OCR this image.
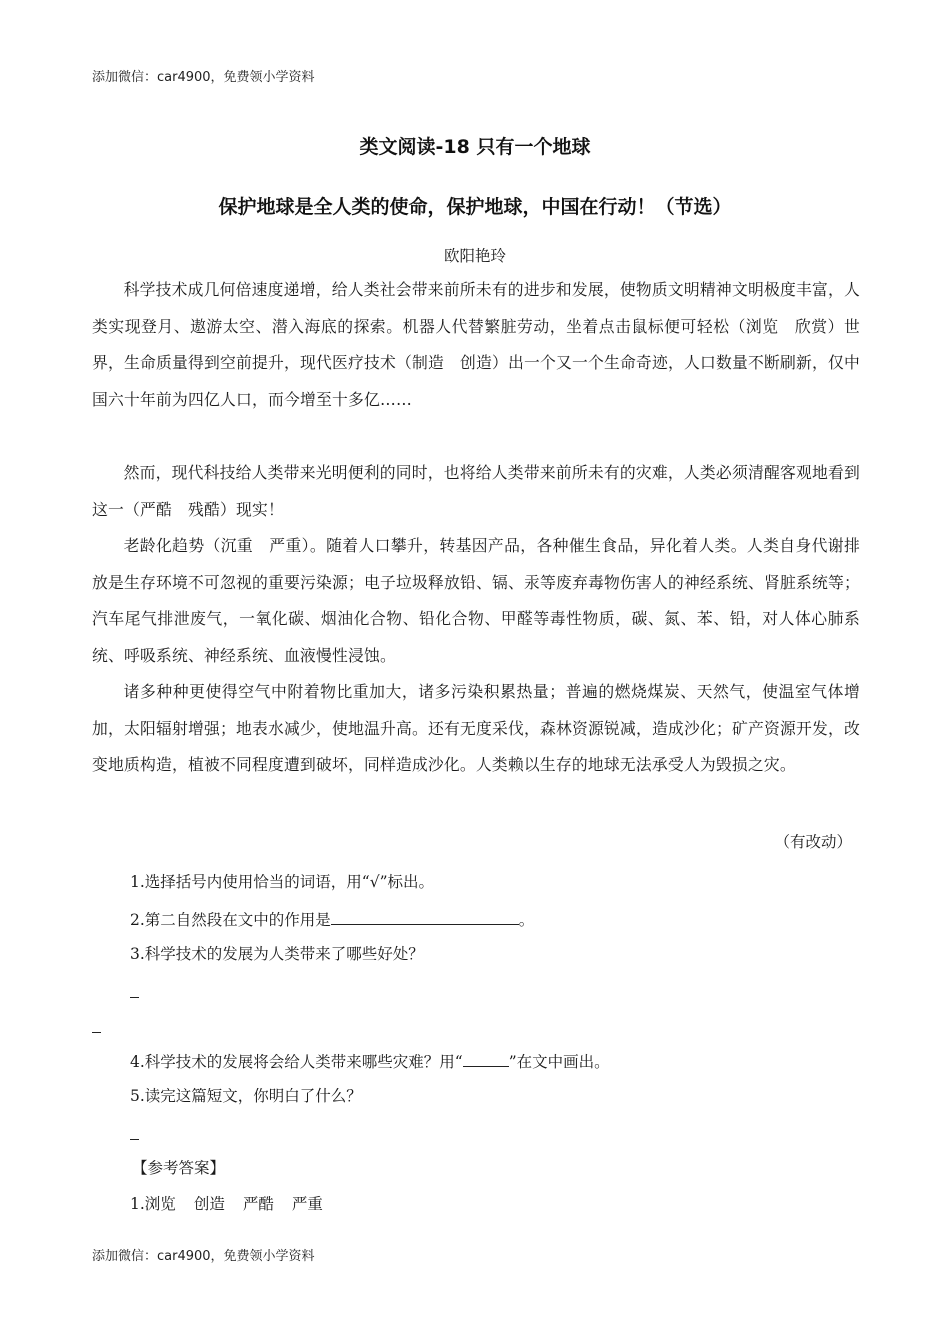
添加微信：car4900，免费领小学资料
类文阅读-18 只有一个地球
保护地球是全人类的使命，保护地球，中国在行动！（节选）
欧阳艳玲

科学技术成几何倍速度递增，给人类社会带来前所未有的进步和发展，使物质文明精神文明极度丰富，人类实现登月、遨游太空、潜入海底的探索。机器人代替繁脏劳动，坐着点击鼠标便可轻松（浏览　欣赏）世界，生命质量得到空前提升，现代医疗技术（制造　创造）出一个又一个生命奇迹，人口数量不断刷新，仅中国六十年前为四亿人口，而今增至十多亿……

然而，现代科技给人类带来光明便利的同时，也将给人类带来前所未有的灾难，人类必须清醒客观地看到这一（严酷　残酷）现实！

老龄化趋势（沉重　严重）。随着人口攀升，转基因产品，各种催生食品，异化着人类。人类自身代谢排放是生存环境不可忽视的重要污染源；电子垃圾释放铅、镉、汞等废弃毒物伤害人的神经系统、肾脏系统等；汽车尾气排泄废气，一氧化碳、烟油化合物、铅化合物、甲醛等毒性物质，碳、氮、苯、铅，对人体心肺系统、呼吸系统、神经系统、血液慢性浸蚀。

诸多种种更使得空气中附着物比重加大，诸多污染积累热量；普遍的燃烧煤炭、天然气，使温室气体增加，太阳辐射增强；地表水减少，使地温升高。还有无度采伐，森林资源锐减，造成沙化；矿产资源开发，改变地质构造，植被不同程度遭到破坏，同样造成沙化。人类赖以生存的地球无法承受人为毁损之灾。

（有改动）
1.选择括号内使用恰当的词语，用“√”标出。
2.第二自然段在文中的作用是	。
3.科学技术的发展为人类带来了哪些好处？
4.科学技术的发展将会给人类带来哪些灾难？用“	”在文中画出。
5.读完这篇短文，你明白了什么？
【参考答案】
1.浏览 创造 严酷 严重
添加微信：car4900，免费领小学资料
